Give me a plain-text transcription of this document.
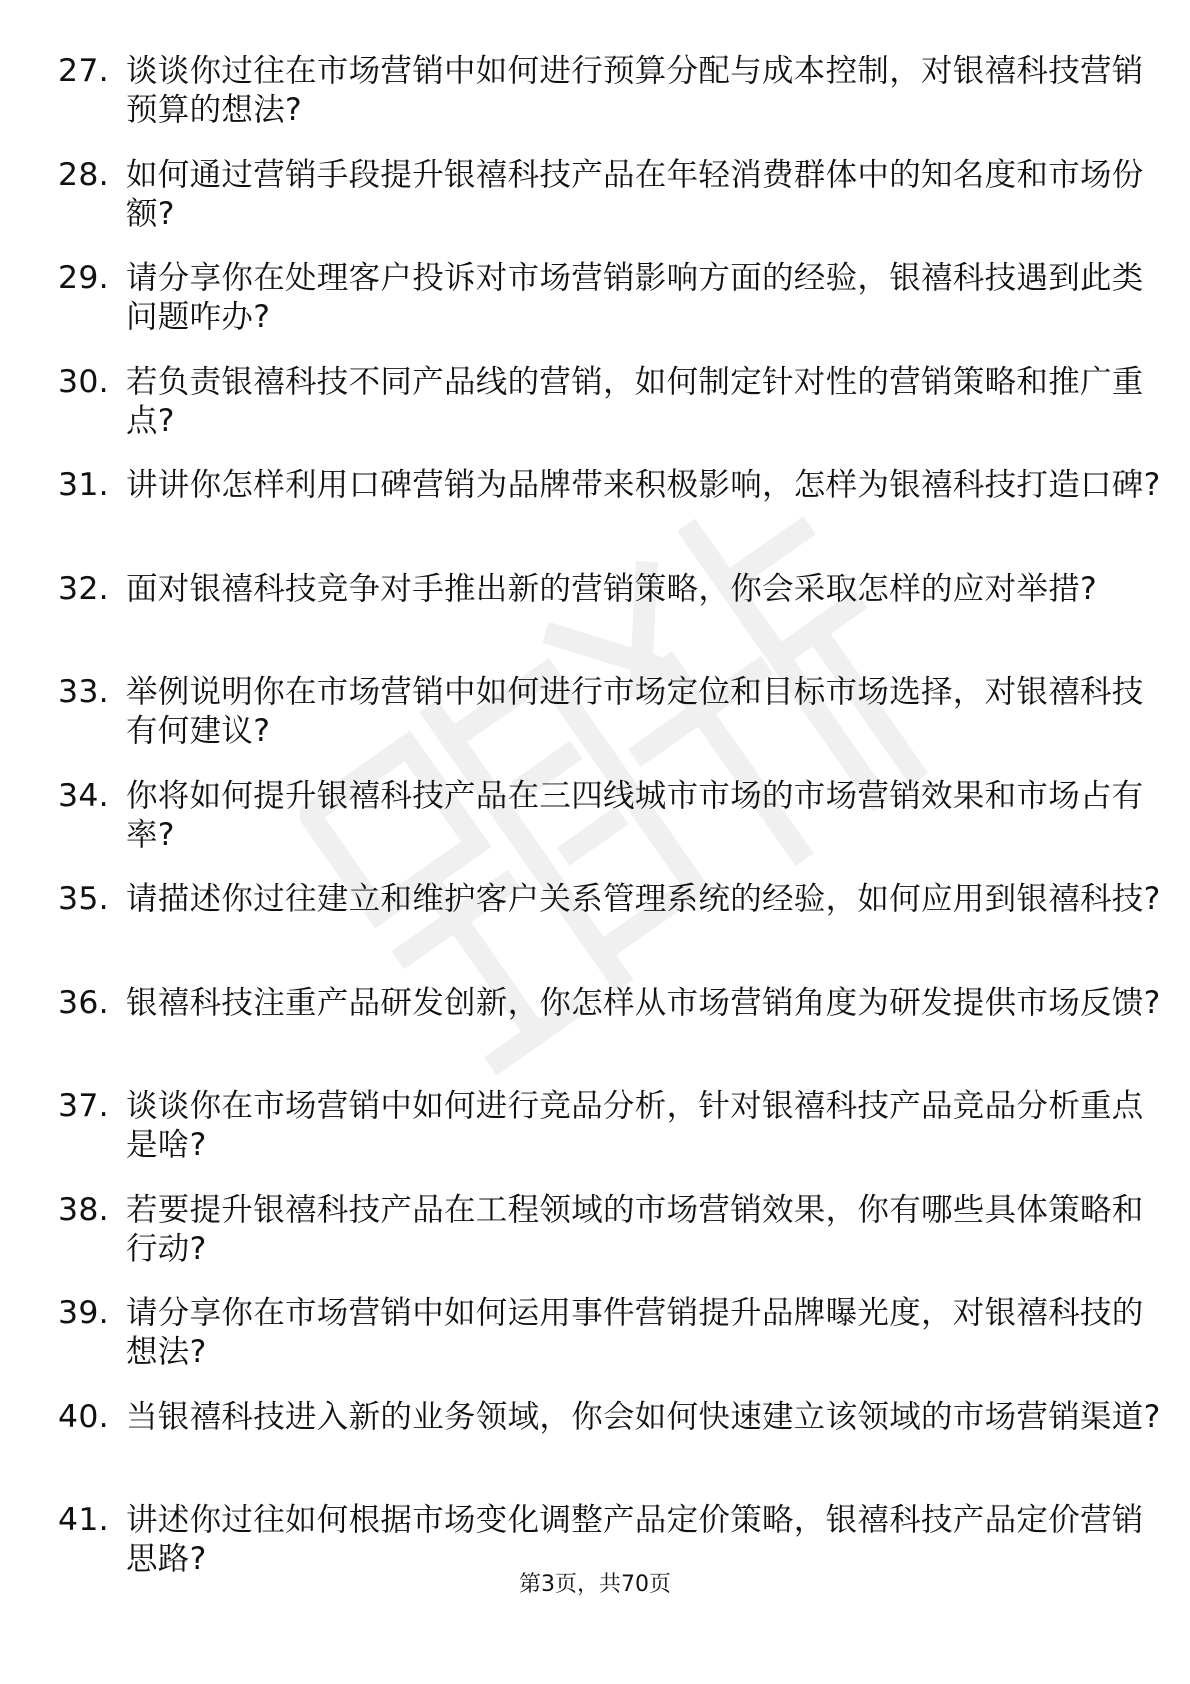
27. 谈谈你过往在市场营销中如何进行预算分配与成本控制，对银禧科技营销预算的想法?
28. 如何通过营销手段提升银禧科技产品在年轻消费群体中的知名度和市场份额?
29. 请分享你在处理客户投诉对市场营销影响方面的经验，银禧科技遇到此类问题咋办?
30. 若负责银禧科技不同产品线的营销，如何制定针对性的营销策略和推广重点?
31. 讲讲你怎样利用口碑营销为品牌带来积极影响，怎样为银禧科技打造口碑?
32. 面对银禧科技竞争对手推出新的营销策略，你会采取怎样的应对举措?
33. 举例说明你在市场营销中如何进行市场定位和目标市场选择，对银禧科技有何建议?
34. 你将如何提升银禧科技产品在三四线城市市场的市场营销效果和市场占有率?
35. 请描述你过往建立和维护客户关系管理系统的经验，如何应用到银禧科技?
36. 银禧科技注重产品研发创新，你怎样从市场营销角度为研发提供市场反馈?
37. 谈谈你在市场营销中如何进行竞品分析，针对银禧科技产品竞品分析重点是啥?
38. 若要提升银禧科技产品在工程领域的市场营销效果，你有哪些具体策略和行动?
39. 请分享你在市场营销中如何运用事件营销提升品牌曝光度，对银禧科技的想法?
40. 当银禧科技进入新的业务领域，你会如何快速建立该领域的市场营销渠道?
41. 讲述你过往如何根据市场变化调整产品定价策略，银禧科技产品定价营销思路?
第3页，共70页
